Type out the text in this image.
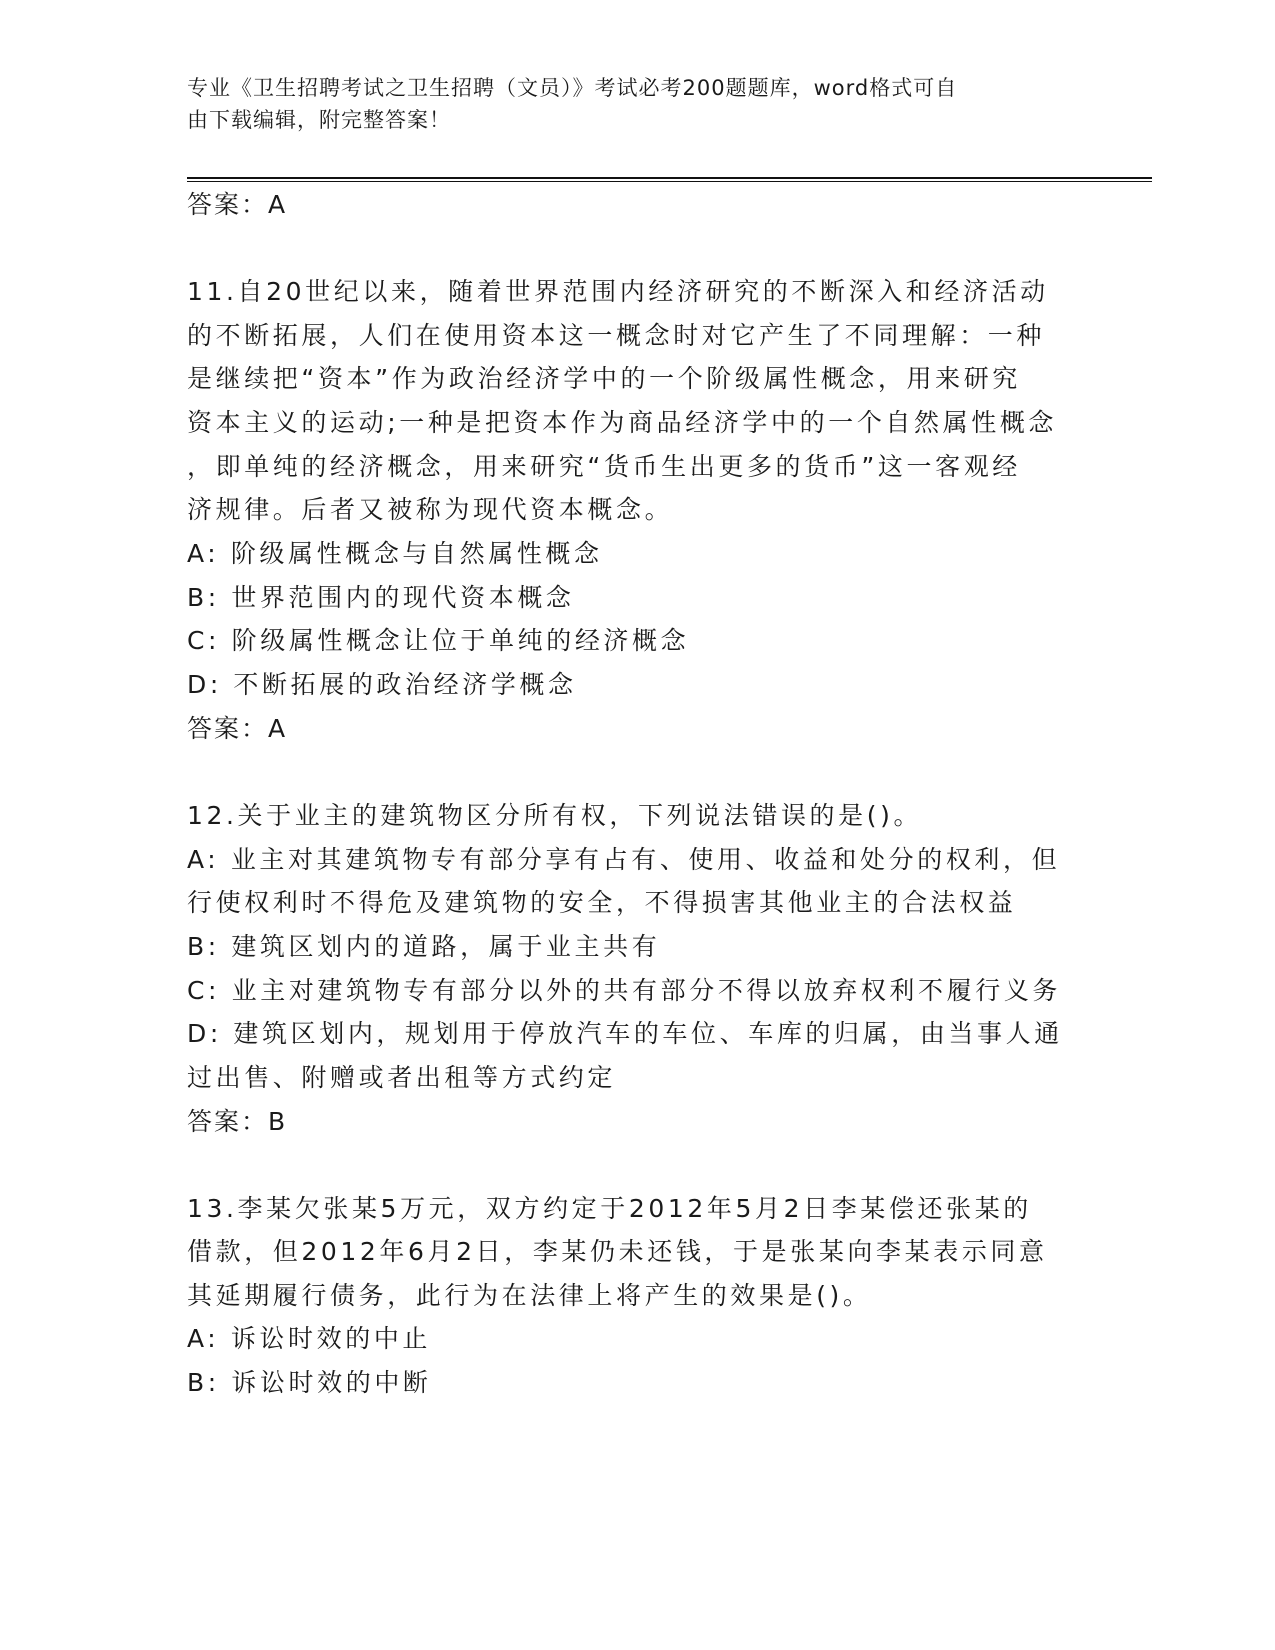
专业《卫生招聘考试之卫生招聘（文员）》考试必考200题题库，word格式可自
由下载编辑，附完整答案！
答案：A
11.自20世纪以来，随着世界范围内经济研究的不断深入和经济活动
的不断拓展，人们在使用资本这一概念时对它产生了不同理解：一种
是继续把“资本”作为政治经济学中的一个阶级属性概念，用来研究
资本主义的运动;一种是把资本作为商品经济学中的一个自然属性概念
，即单纯的经济概念，用来研究“货币生出更多的货币”这一客观经
济规律。后者又被称为现代资本概念。
A: 阶级属性概念与自然属性概念
B: 世界范围内的现代资本概念
C: 阶级属性概念让位于单纯的经济概念
D: 不断拓展的政治经济学概念
答案：A
12.关于业主的建筑物区分所有权，下列说法错误的是()。
A: 业主对其建筑物专有部分享有占有、使用、收益和处分的权利，但
行使权利时不得危及建筑物的安全，不得损害其他业主的合法权益
B: 建筑区划内的道路，属于业主共有
C: 业主对建筑物专有部分以外的共有部分不得以放弃权利不履行义务
D: 建筑区划内，规划用于停放汽车的车位、车库的归属，由当事人通
过出售、附赠或者出租等方式约定
答案：B
13.李某欠张某5万元，双方约定于2012年5月2日李某偿还张某的
借款，但2012年6月2日，李某仍未还钱，于是张某向李某表示同意
其延期履行债务，此行为在法律上将产生的效果是()。
A: 诉讼时效的中止
B: 诉讼时效的中断
